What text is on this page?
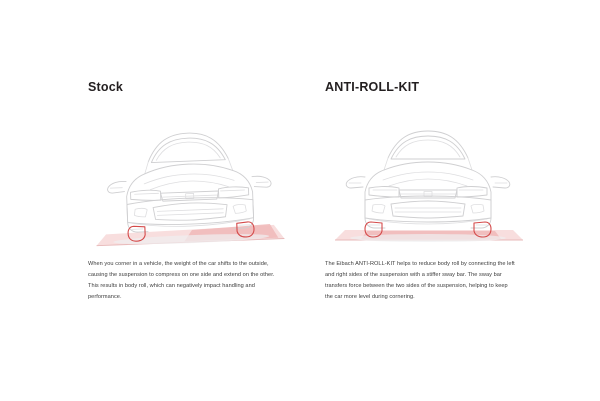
Stock
When you corner in a vehicle, the weight of the car shifts to the outside, causing the suspension to compress on one side and extend on the other. This results in body roll, which can negatively impact handling and performance.
ANTI-ROLL-KIT
The Eibach ANTI-ROLL-KIT helps to reduce body roll by connecting the left and right sides of the suspension with a stiffer sway bar. The sway bar transfers force between the two sides of the suspension, helping to keep the car more level during cornering.
